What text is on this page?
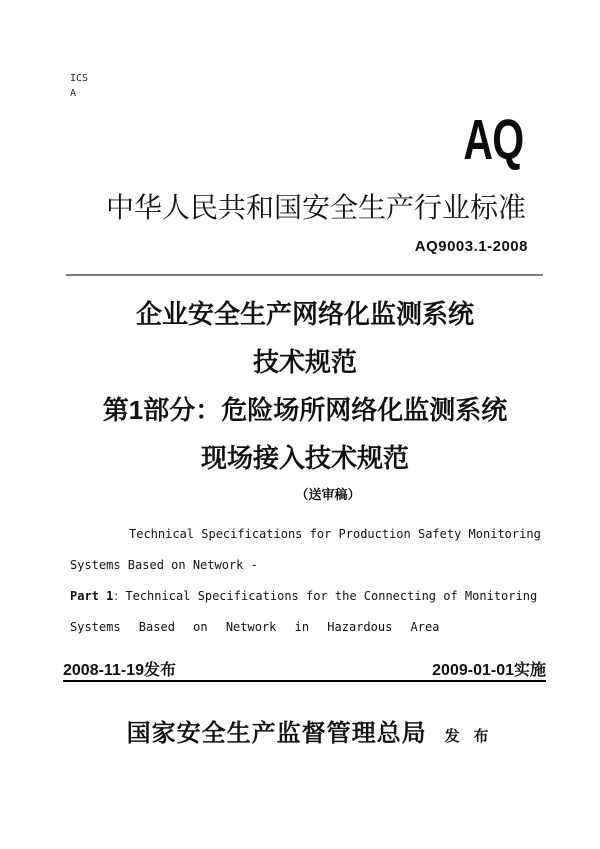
ICS
A
AQ
中华人民共和国安全生产行业标准
AQ9003.1-2008
企业安全生产网络化监测系统
技术规范
第1部分：危险场所网络化监测系统
现场接入技术规范
（送审稿）
Technical Specifications for Production Safety Monitoring
Systems Based on Network -
Part 1：Technical Specifications for the Connecting of Monitoring
Systems Based on Network in Hazardous Area
2008-11-19发布	2009-01-01实施
国家安全生产监督管理总局 发 布
